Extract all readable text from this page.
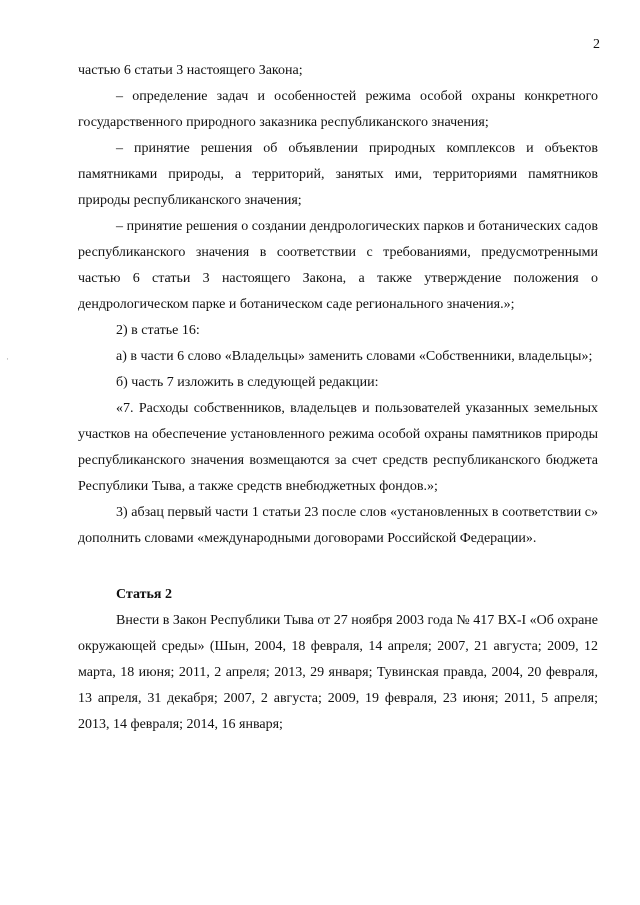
2
·

частью 6 статьи 3 настоящего Закона;

– определение задач и особенностей режима особой охраны конкретного государственного природного заказника республиканского значения;

– принятие решения об объявлении природных комплексов и объектов памятниками природы, а территорий, занятых ими, территориями памятников природы республиканского значения;

– принятие решения о создании дендрологических парков и ботанических садов республиканского значения в соответствии с требованиями, предусмотренными частью 6 статьи 3 настоящего Закона, а также утверждение положения о дендрологическом парке и ботаническом саде регионального значения.»;

2) в статье 16:

а) в части 6 слово «Владельцы» заменить словами «Собственники, владельцы»;

б) часть 7 изложить в следующей редакции:

«7. Расходы собственников, владельцев и пользователей указанных земельных участков на обеспечение установленного режима особой охраны памятников природы республиканского значения возмещаются за счет средств республиканского бюджета Республики Тыва, а также средств внебюджетных фондов.»;

3) абзац первый части 1 статьи 23 после слов «установленных в соответствии с» дополнить словами «международными договорами Российской Федерации».

Статья 2

Внести в Закон Республики Тыва от 27 ноября 2003 года № 417 ВХ-I «Об охране окружающей среды» (Шын, 2004, 18 февраля, 14 апреля; 2007, 21 августа; 2009, 12 марта, 18 июня; 2011, 2 апреля; 2013, 29 января; Тувинская правда, 2004, 20 февраля, 13 апреля, 31 декабря; 2007, 2 августа; 2009, 19 февраля, 23 июня; 2011, 5 апреля; 2013, 14 февраля; 2014, 16 января;
